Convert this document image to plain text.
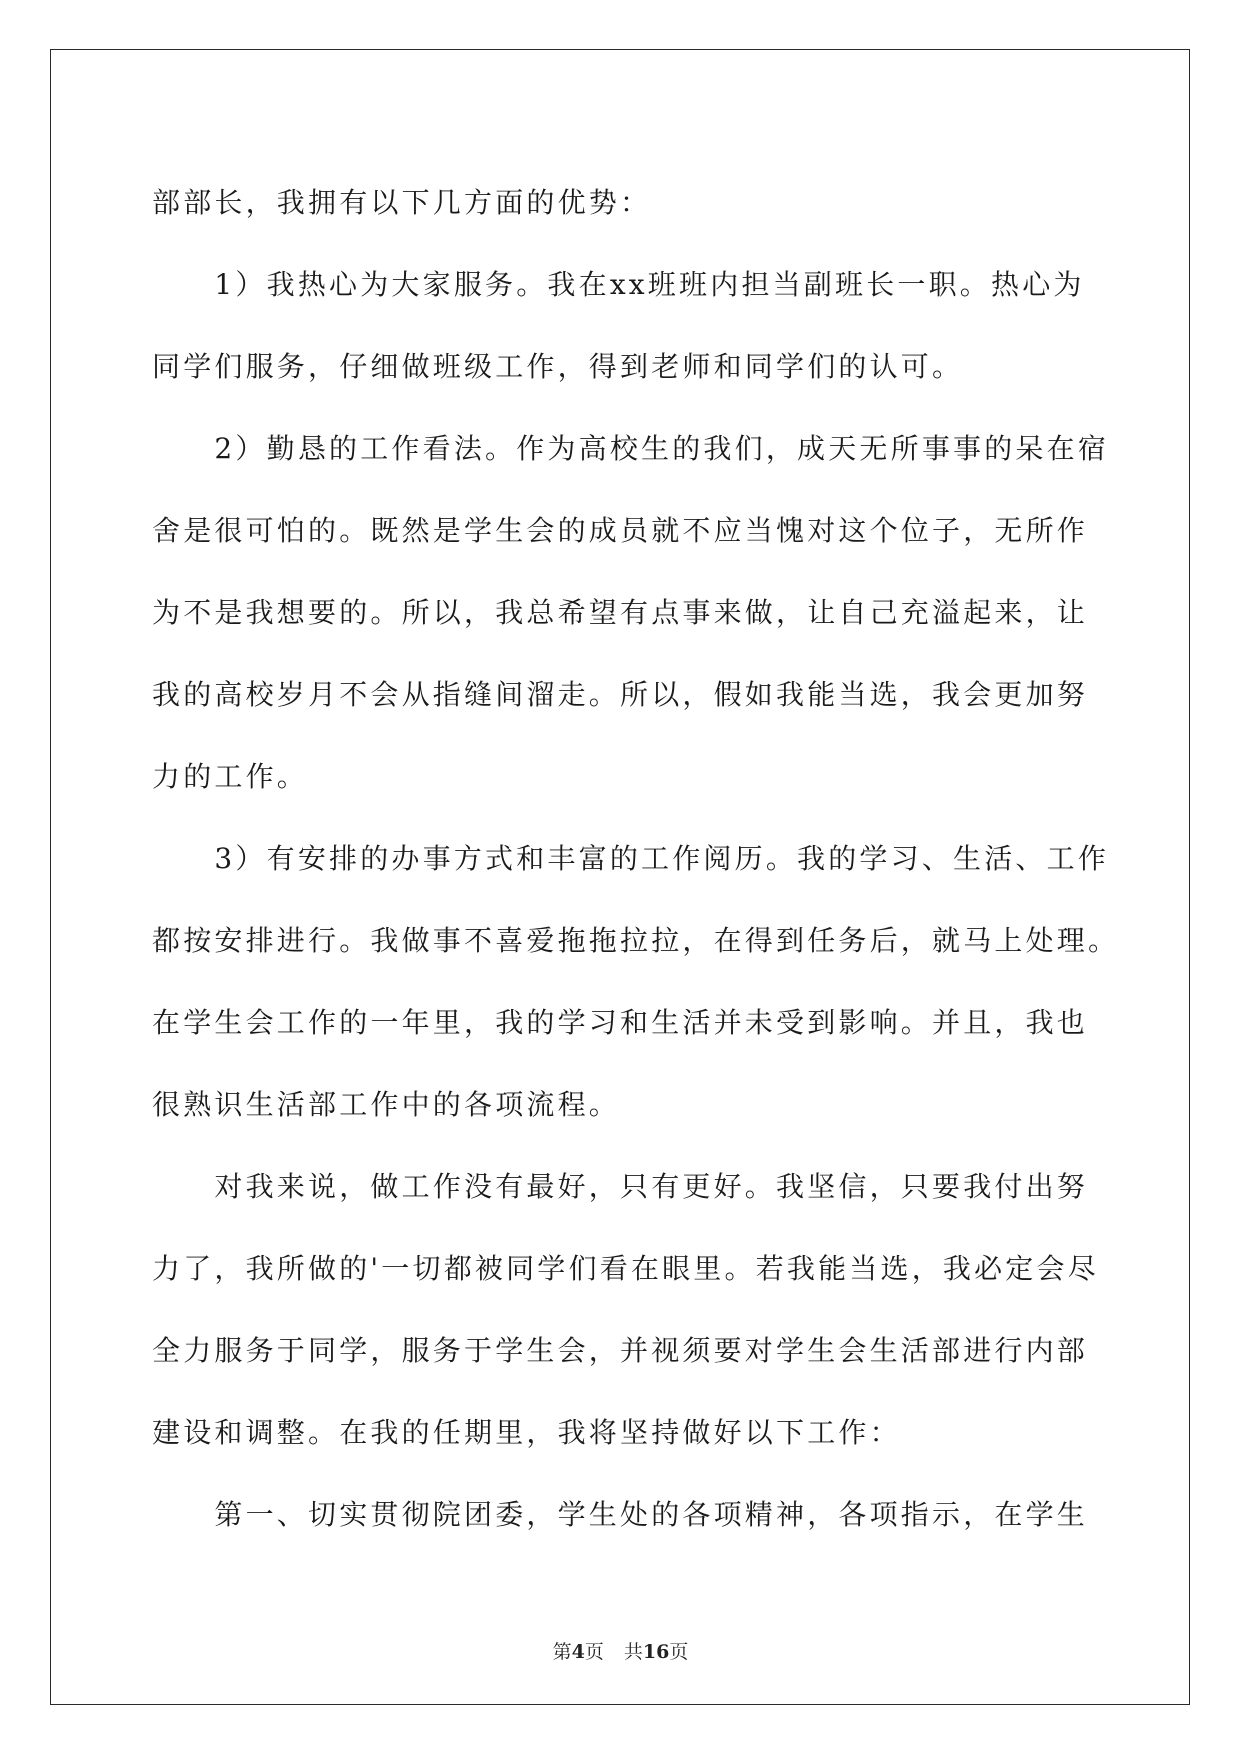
部部长，我拥有以下几方面的优势：
　　1）我热心为大家服务。我在xx班班内担当副班长一职。热心为
同学们服务，仔细做班级工作，得到老师和同学们的认可。
　　2）勤恳的工作看法。作为高校生的我们，成天无所事事的呆在宿
舍是很可怕的。既然是学生会的成员就不应当愧对这个位子，无所作
为不是我想要的。所以，我总希望有点事来做，让自己充溢起来，让
我的高校岁月不会从指缝间溜走。所以，假如我能当选，我会更加努
力的工作。
　　3）有安排的办事方式和丰富的工作阅历。我的学习、生活、工作
都按安排进行。我做事不喜爱拖拖拉拉，在得到任务后，就马上处理。
在学生会工作的一年里，我的学习和生活并未受到影响。并且，我也
很熟识生活部工作中的各项流程。
　　对我来说，做工作没有最好，只有更好。我坚信，只要我付出努
力了，我所做的'一切都被同学们看在眼里。若我能当选，我必定会尽
全力服务于同学，服务于学生会，并视须要对学生会生活部进行内部
建设和调整。在我的任期里，我将坚持做好以下工作：
　　第一、切实贯彻院团委，学生处的各项精神，各项指示，在学生
第4页 共16页
